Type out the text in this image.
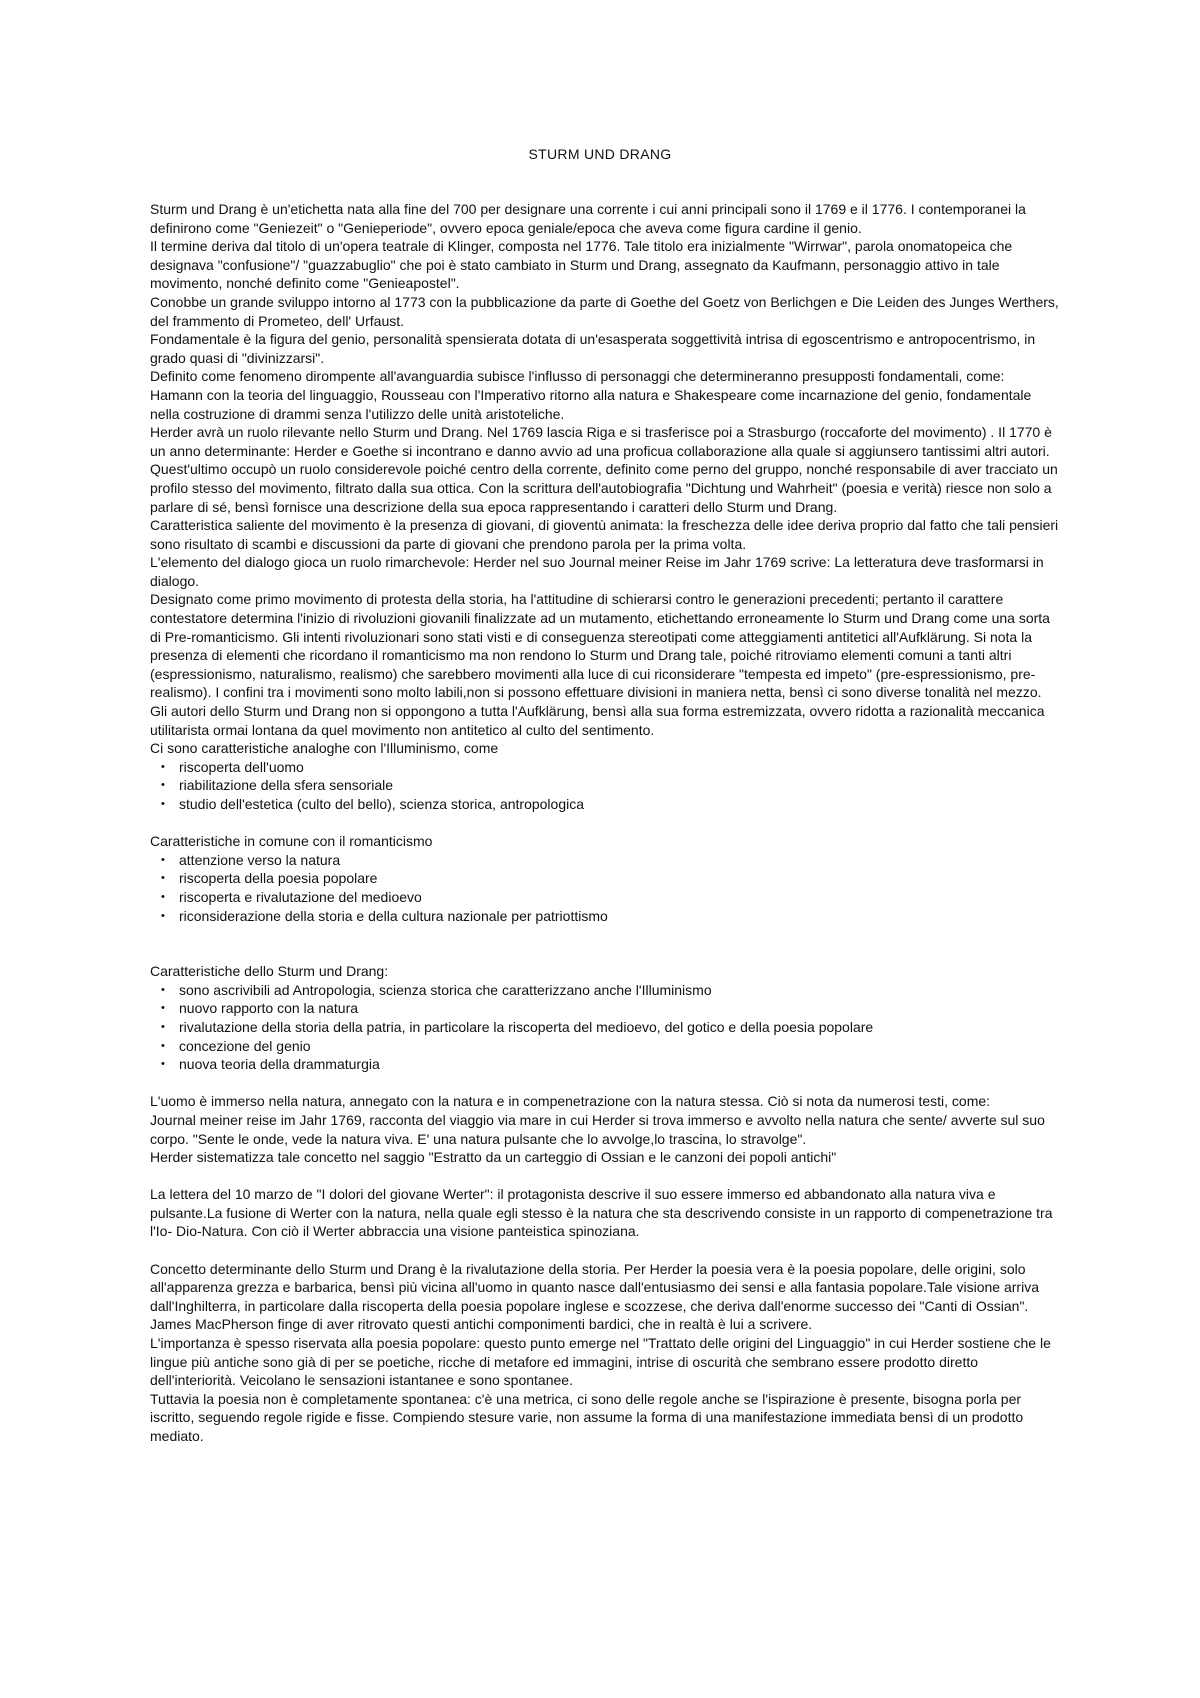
STURM UND DRANG

Sturm und Drang è un'etichetta nata alla fine del 700 per designare una corrente i cui anni principali sono il 1769 e il 1776. I contemporanei la definirono come "Geniezeit" o "Genieperiode", ovvero epoca geniale/epoca che aveva come figura cardine il genio.

Il termine deriva dal titolo di un'opera teatrale di Klinger, composta nel 1776. Tale titolo era inizialmente "Wirrwar", parola onomatopeica che designava "confusione"/ "guazzabuglio" che poi è stato cambiato in Sturm und Drang, assegnato da Kaufmann, personaggio attivo in tale movimento, nonché definito come "Genieapostel".

Conobbe un grande sviluppo intorno al 1773 con la pubblicazione da parte di Goethe del Goetz von Berlichgen e Die Leiden des Junges Werthers, del frammento di Prometeo, dell' Urfaust.

Fondamentale è la figura del genio, personalità spensierata dotata di un'esasperata soggettività intrisa di egoscentrismo e antropocentrismo, in grado quasi di "divinizzarsi".

Definito come fenomeno dirompente all'avanguardia subisce l'influsso di personaggi che determineranno presupposti fondamentali, come: Hamann con la teoria del linguaggio, Rousseau con l'Imperativo ritorno alla natura e Shakespeare come incarnazione del genio, fondamentale nella costruzione di drammi senza l'utilizzo delle unità aristoteliche.

Herder avrà un ruolo rilevante nello Sturm und Drang. Nel 1769 lascia Riga e si trasferisce poi a Strasburgo (roccaforte del movimento) . Il 1770 è un anno determinante: Herder e Goethe si incontrano e danno avvio ad una proficua collaborazione alla quale si aggiunsero tantissimi altri autori. Quest'ultimo occupò un ruolo considerevole poiché centro della corrente, definito come perno del gruppo, nonché responsabile di aver tracciato un profilo stesso del movimento, filtrato dalla sua ottica. Con la scrittura dell'autobiografia "Dichtung und Wahrheit" (poesia e verità) riesce non solo a parlare di sé, bensì fornisce una descrizione della sua epoca rappresentando i caratteri dello Sturm und Drang.

Caratteristica saliente del movimento è la presenza di giovani, di gioventù animata: la freschezza delle idee deriva proprio dal fatto che tali pensieri sono risultato di scambi e discussioni da parte di giovani che prendono parola per la prima volta.

L'elemento del dialogo gioca un ruolo rimarchevole: Herder nel suo Journal meiner Reise im Jahr 1769 scrive: La letteratura deve trasformarsi in dialogo.

Designato come primo movimento di protesta della storia, ha l'attitudine di schierarsi contro le generazioni precedenti; pertanto il carattere contestatore determina l'inizio di rivoluzioni giovanili finalizzate ad un mutamento, etichettando erroneamente lo Sturm und Drang come una sorta di Pre-romanticismo. Gli intenti rivoluzionari sono stati visti e di conseguenza stereotipati come atteggiamenti antitetici all'Aufklärung. Si nota la presenza di elementi che ricordano il romanticismo ma non rendono lo Sturm und Drang tale, poiché ritroviamo elementi comuni a tanti altri (espressionismo, naturalismo, realismo) che sarebbero movimenti alla luce di cui riconsiderare "tempesta ed impeto" (pre-espressionismo, pre-realismo). I confini tra i movimenti sono molto labili,non si possono effettuare divisioni in maniera netta, bensì ci sono diverse tonalità nel mezzo.

Gli autori dello Sturm und Drang non si oppongono a tutta l'Aufklärung, bensì alla sua forma estremizzata, ovvero ridotta a razionalità meccanica utilitarista ormai lontana da quel movimento non antitetico al culto del sentimento.

Ci sono caratteristiche analoghe con l'Illuminismo, come

• riscoperta dell'uomo
• riabilitazione della sfera sensoriale
• studio dell'estetica (culto del bello), scienza storica, antropologica

Caratteristiche in comune con il romanticismo

• attenzione verso la natura
• riscoperta della poesia popolare
• riscoperta e rivalutazione del medioevo
• riconsiderazione della storia e della cultura nazionale per patriottismo

Caratteristiche dello Sturm und Drang:

• sono ascrivibili ad Antropologia, scienza storica che caratterizzano anche l'Illuminismo
• nuovo rapporto con la natura
• rivalutazione della storia della patria, in particolare la riscoperta del medioevo, del gotico e della poesia popolare
• concezione del genio
• nuova teoria della drammaturgia

L'uomo è immerso nella natura, annegato con la natura e in compenetrazione con la natura stessa. Ciò si nota da numerosi testi, come:

Journal meiner reise im Jahr 1769, racconta del viaggio via mare in cui Herder si trova immerso e avvolto nella natura che sente/ avverte sul suo corpo. "Sente le onde, vede la natura viva. E' una natura pulsante che lo avvolge,lo trascina, lo stravolge".

Herder sistematizza tale concetto nel saggio "Estratto da un carteggio di Ossian e le canzoni dei popoli antichi"

La lettera del 10 marzo de "I dolori del giovane Werter": il protagonista descrive il suo essere immerso ed abbandonato alla natura viva e pulsante.La fusione di Werter con la natura, nella quale egli stesso è la natura che sta descrivendo consiste in un rapporto di compenetrazione tra l'Io- Dio-Natura. Con ciò il Werter abbraccia una visione panteistica spinoziana.

Concetto determinante dello Sturm und Drang è la rivalutazione della storia. Per Herder la poesia vera è la poesia popolare, delle origini, solo all'apparenza grezza e barbarica, bensì più vicina all'uomo in quanto nasce dall'entusiasmo dei sensi e alla fantasia popolare.Tale visione arriva dall'Inghilterra, in particolare dalla riscoperta della poesia popolare inglese e scozzese, che deriva dall'enorme successo dei "Canti di Ossian". James MacPherson finge di aver ritrovato questi antichi componimenti bardici, che in realtà è lui a scrivere.

L'importanza è spesso riservata alla poesia popolare: questo punto emerge nel "Trattato delle origini del Linguaggio" in cui Herder sostiene che le lingue più antiche sono già di per se poetiche, ricche di metafore ed immagini, intrise di oscurità che sembrano essere prodotto diretto dell'interiorità. Veicolano le sensazioni istantanee e sono spontanee.

Tuttavia la poesia non è completamente spontanea: c'è una metrica, ci sono delle regole anche se l'ispirazione è presente, bisogna porla per iscritto, seguendo regole rigide e fisse. Compiendo stesure varie, non assume la forma di una manifestazione immediata bensì di un prodotto mediato.
